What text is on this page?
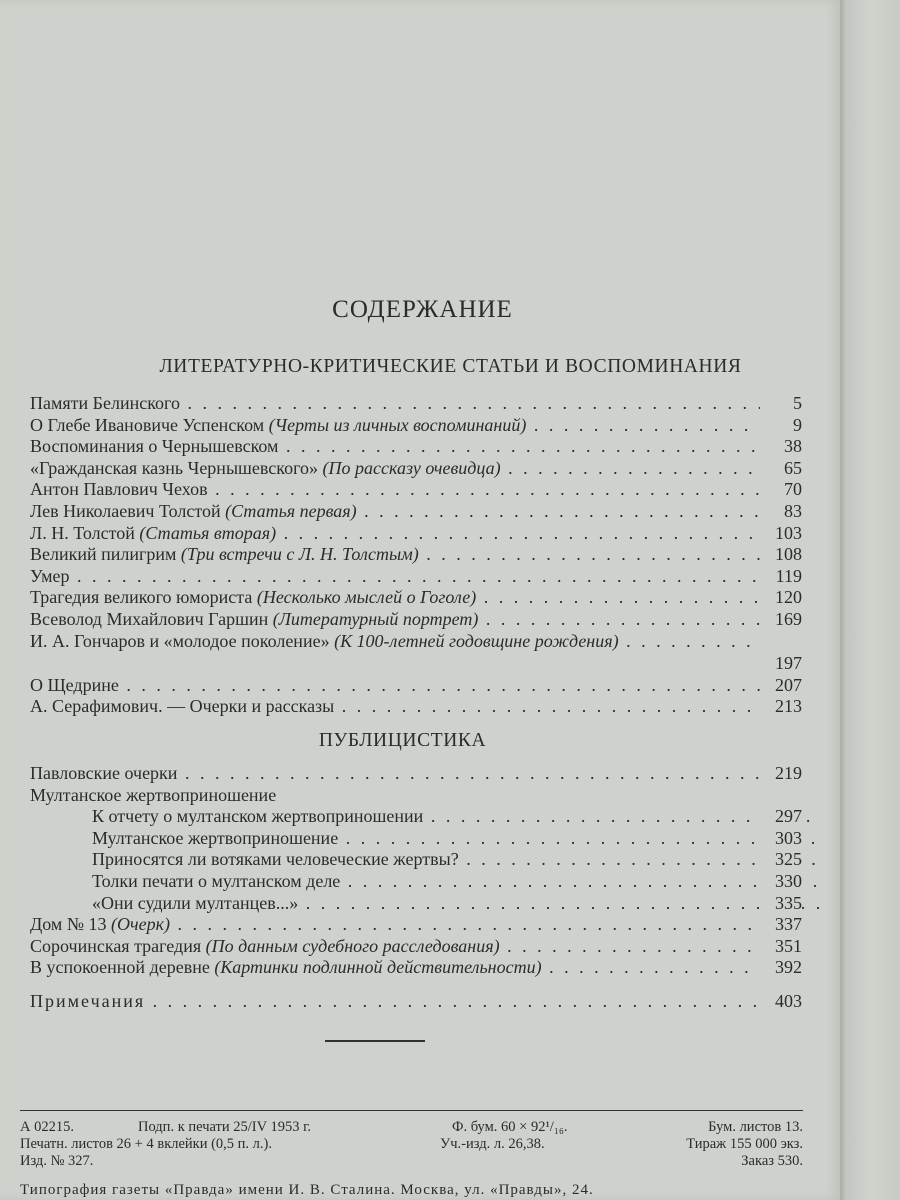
СОДЕРЖАНИЕ
ЛИТЕРАТУРНО-КРИТИЧЕСКИЕ СТАТЬИ И ВОСПОМИНАНИЯ
Памяти Белинского . . .	5
О Глебе Ивановиче Успенском (Черты из личных воспоминаний) . . .	9
Воспоминания о Чернышевском . . .	38
«Гражданская казнь Чернышевского» (По рассказу очевидца) . . .	65
Антон Павлович Чехов . . .	70
Лев Николаевич Толстой (Статья первая) . . .	83
Л. Н. Толстой (Статья вторая) . . .	103
Великий пилигрим (Три встречи с Л. Н. Толстым) . . .	108
Умер . . .	119
Трагедия великого юмориста (Несколько мыслей о Гоголе) . . .	120
Всеволод Михайлович Гаршин (Литературный портрет) . . .	169
И. А. Гончаров и «молодое поколение» (К 100-летней годовщине рождения) . . .
197
О Щедрине . . .	207
А. Серафимович. — Очерки и рассказы . . .	213
ПУБЛИЦИСТИКА
Павловские очерки . . .	219
Мултанское жертвоприношение
К отчету о мултанском жертвоприношении . . .	297
Мултанское жертвоприношение . . .	303
Приносятся ли вотяками человеческие жертвы? . . .	325
Толки печати о мултанском деле . . .	330
«Они судили мултанцев...» . . .	335
Дом № 13 (Очерк) . . .	337
Сорочинская трагедия (По данным судебного расследования) . . .	351
В успокоенной деревне (Картинки подлинной действительности) . . .	392
Примечания . . .	403
А 02215.	Подп. к печати 25/IV 1953 г.	Ф. бум. 60 × 92¹/₁₆.	Бум. листов 13.
Печатн. листов 26 + 4 вклейки (0,5 п. л.).	Уч.-изд. л. 26,38.	Тираж 155 000 экз.
Изд. № 327.	Заказ 530.
Типография газеты «Правда» имени И. В. Сталина. Москва, ул. «Правды», 24.
